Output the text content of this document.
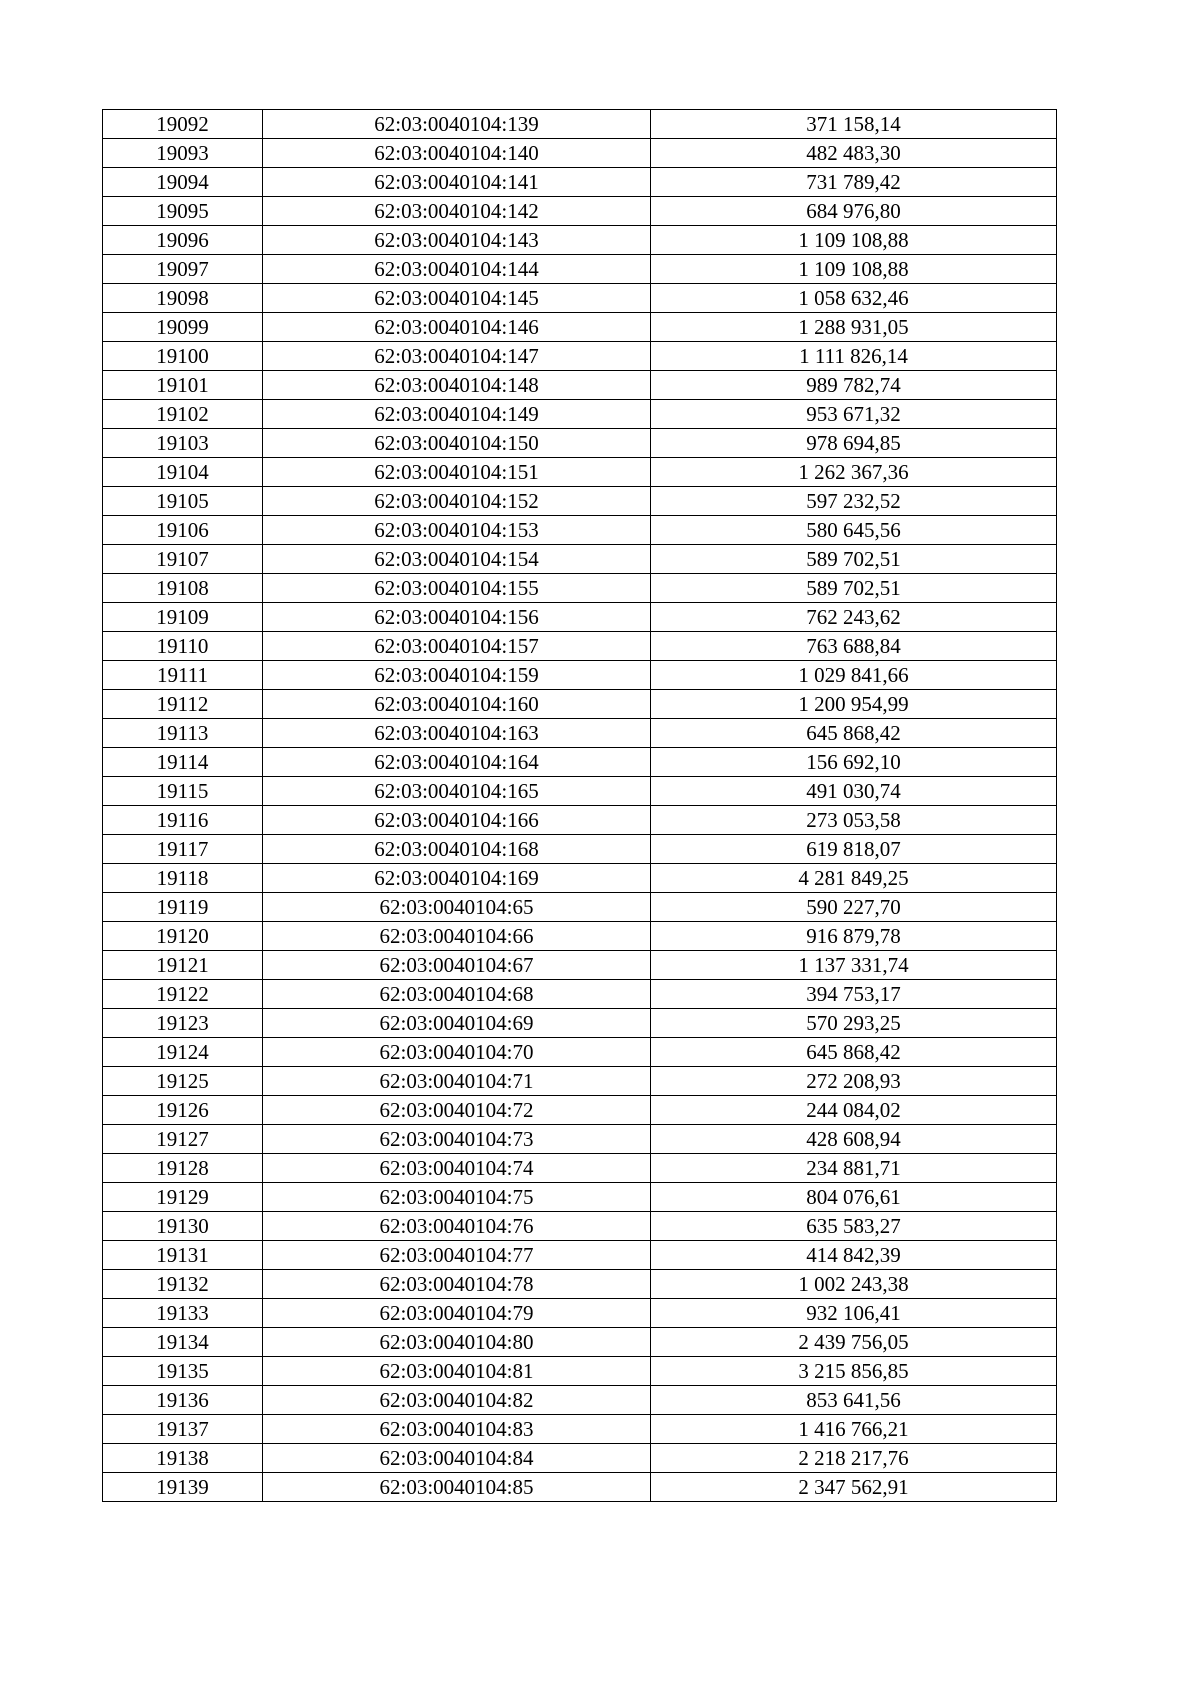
19092	62:03:0040104:139	371 158,14
19093	62:03:0040104:140	482 483,30
19094	62:03:0040104:141	731 789,42
19095	62:03:0040104:142	684 976,80
19096	62:03:0040104:143	1 109 108,88
19097	62:03:0040104:144	1 109 108,88
19098	62:03:0040104:145	1 058 632,46
19099	62:03:0040104:146	1 288 931,05
19100	62:03:0040104:147	1 111 826,14
19101	62:03:0040104:148	989 782,74
19102	62:03:0040104:149	953 671,32
19103	62:03:0040104:150	978 694,85
19104	62:03:0040104:151	1 262 367,36
19105	62:03:0040104:152	597 232,52
19106	62:03:0040104:153	580 645,56
19107	62:03:0040104:154	589 702,51
19108	62:03:0040104:155	589 702,51
19109	62:03:0040104:156	762 243,62
19110	62:03:0040104:157	763 688,84
19111	62:03:0040104:159	1 029 841,66
19112	62:03:0040104:160	1 200 954,99
19113	62:03:0040104:163	645 868,42
19114	62:03:0040104:164	156 692,10
19115	62:03:0040104:165	491 030,74
19116	62:03:0040104:166	273 053,58
19117	62:03:0040104:168	619 818,07
19118	62:03:0040104:169	4 281 849,25
19119	62:03:0040104:65	590 227,70
19120	62:03:0040104:66	916 879,78
19121	62:03:0040104:67	1 137 331,74
19122	62:03:0040104:68	394 753,17
19123	62:03:0040104:69	570 293,25
19124	62:03:0040104:70	645 868,42
19125	62:03:0040104:71	272 208,93
19126	62:03:0040104:72	244 084,02
19127	62:03:0040104:73	428 608,94
19128	62:03:0040104:74	234 881,71
19129	62:03:0040104:75	804 076,61
19130	62:03:0040104:76	635 583,27
19131	62:03:0040104:77	414 842,39
19132	62:03:0040104:78	1 002 243,38
19133	62:03:0040104:79	932 106,41
19134	62:03:0040104:80	2 439 756,05
19135	62:03:0040104:81	3 215 856,85
19136	62:03:0040104:82	853 641,56
19137	62:03:0040104:83	1 416 766,21
19138	62:03:0040104:84	2 218 217,76
19139	62:03:0040104:85	2 347 562,91
